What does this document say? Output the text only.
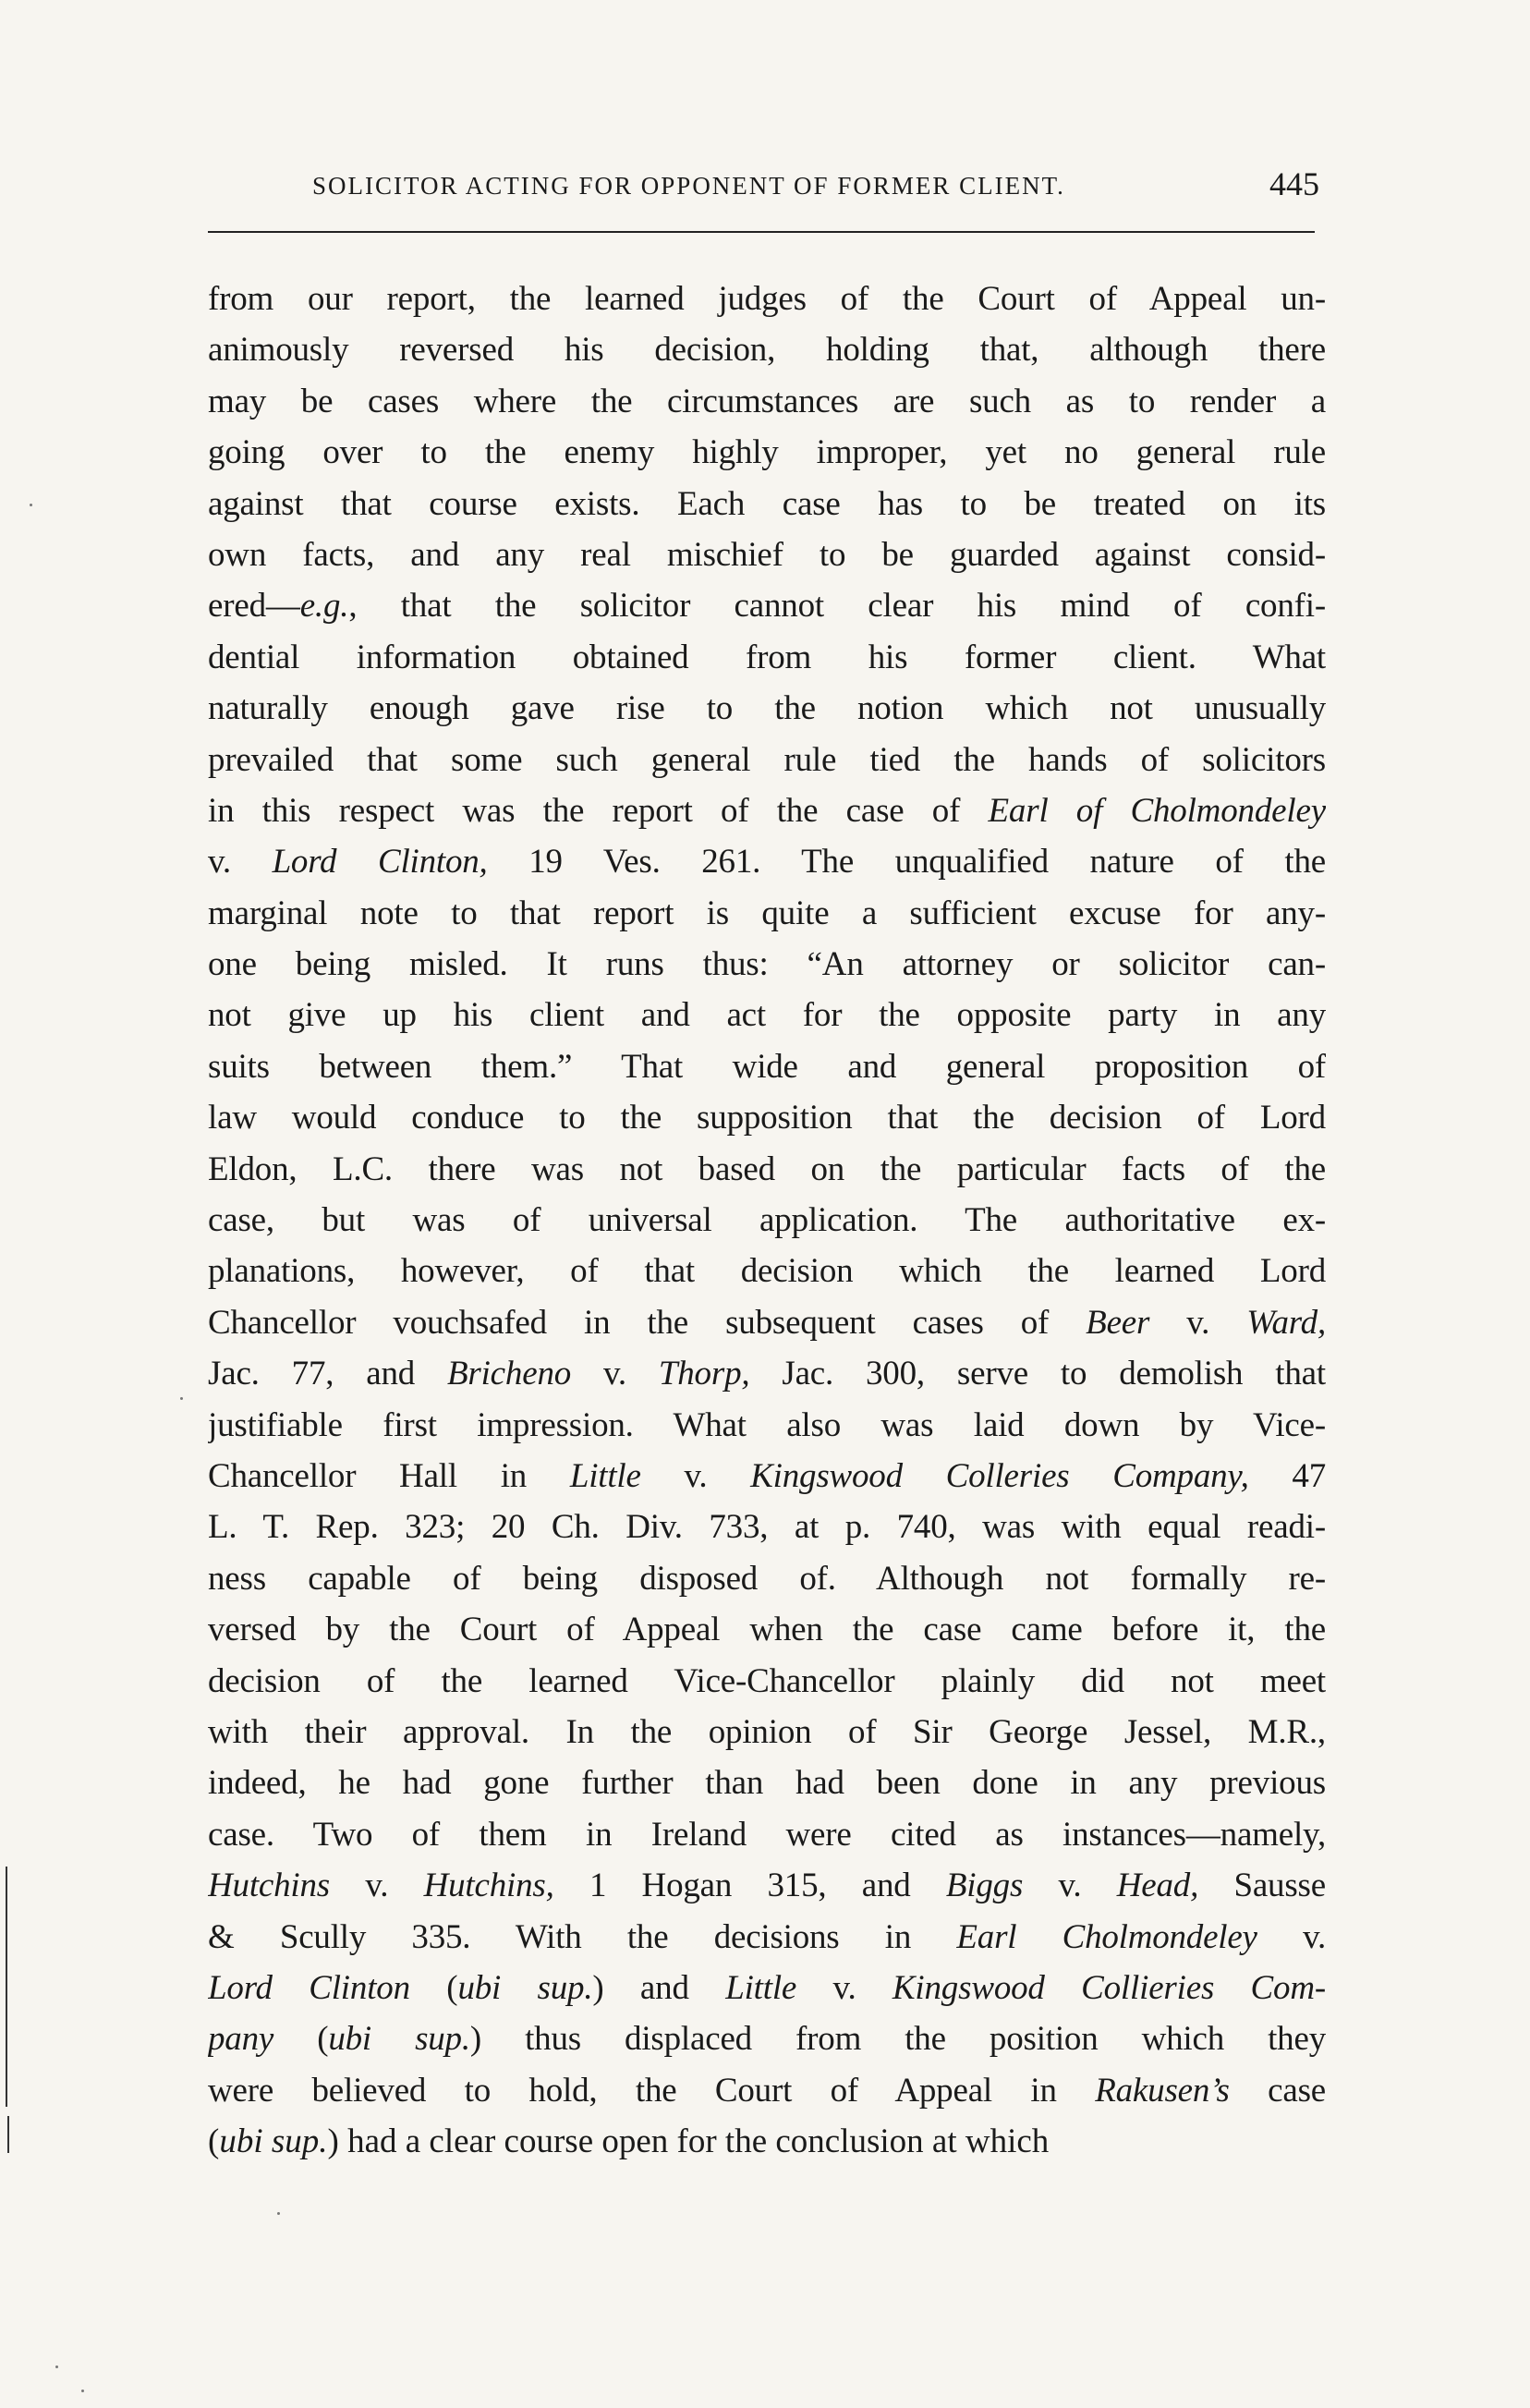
SOLICITOR ACTING FOR OPPONENT OF FORMER CLIENT.	445
from our report, the learned judges of the Court of Appeal un-
animously reversed his decision, holding that, although there
may be cases where the circumstances are such as to render a
going over to the enemy highly improper, yet no general rule
against that course exists. Each case has to be treated on its
own facts, and any real mischief to be guarded against consid-
ered—e.g., that the solicitor cannot clear his mind of confi-
dential information obtained from his former client. What
naturally enough gave rise to the notion which not unusually
prevailed that some such general rule tied the hands of solicitors
in this respect was the report of the case of Earl of Cholmondeley
v. Lord Clinton, 19 Ves. 261. The unqualified nature of the
marginal note to that report is quite a sufficient excuse for any-
one being misled. It runs thus: “An attorney or solicitor can-
not give up his client and act for the opposite party in any
suits between them.” That wide and general proposition of
law would conduce to the supposition that the decision of Lord
Eldon, L.C. there was not based on the particular facts of the
case, but was of universal application. The authoritative ex-
planations, however, of that decision which the learned Lord
Chancellor vouchsafed in the subsequent cases of Beer v. Ward,
Jac. 77, and Bricheno v. Thorp, Jac. 300, serve to demolish that
justifiable first impression. What also was laid down by Vice-
Chancellor Hall in Little v. Kingswood Colleries Company, 47
L. T. Rep. 323; 20 Ch. Div. 733, at p. 740, was with equal readi-
ness capable of being disposed of. Although not formally re-
versed by the Court of Appeal when the case came before it, the
decision of the learned Vice-Chancellor plainly did not meet
with their approval. In the opinion of Sir George Jessel, M.R.,
indeed, he had gone further than had been done in any previous
case. Two of them in Ireland were cited as instances—namely,
Hutchins v. Hutchins, 1 Hogan 315, and Biggs v. Head, Sausse
& Scully 335. With the decisions in Earl Cholmondeley v.
Lord Clinton (ubi sup.) and Little v. Kingswood Collieries Com-
pany (ubi sup.) thus displaced from the position which they
were believed to hold, the Court of Appeal in Rakusen’s case
(ubi sup.) had a clear course open for the conclusion at which
